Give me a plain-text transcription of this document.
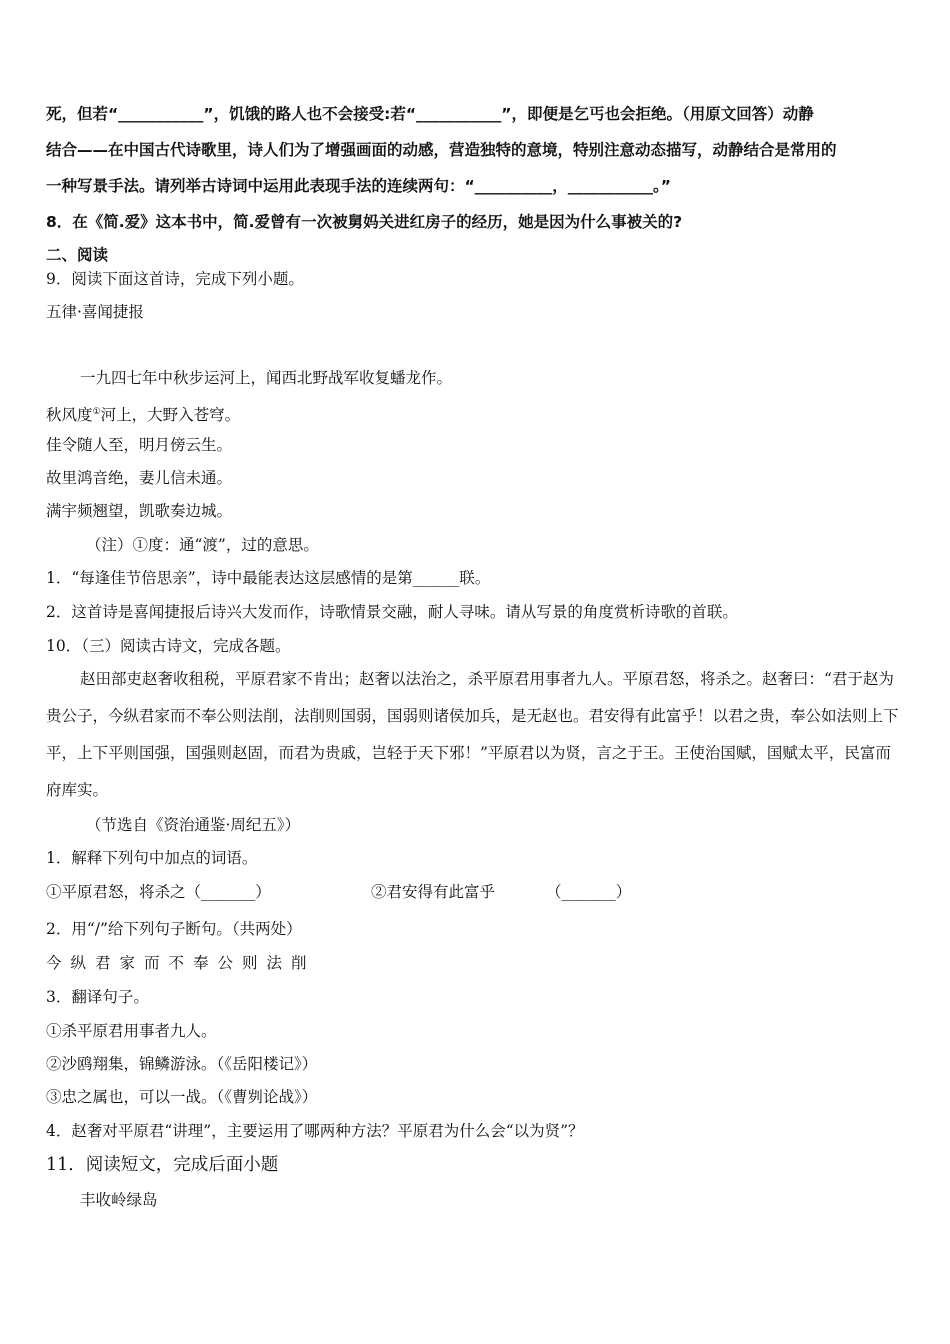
死，但若“___________”，饥饿的路人也不会接受:若“___________”，即便是乞丐也会拒绝。（用原文回答）动静
结合——在中国古代诗歌里，诗人们为了增强画面的动感，营造独特的意境，特别注意动态描写，动静结合是常用的
一种写景手法。请列举古诗词中运用此表现手法的连续两句：“__________，___________。”
8．在《简.爱》这本书中，简.爱曾有一次被舅妈关进红房子的经历，她是因为什么事被关的?
二、阅读
9．阅读下面这首诗，完成下列小题。
五律·喜闻捷报
一九四七年中秋步运河上，闻西北野战军收复蟠龙作。
秋风度①河上，大野入苍穹。
佳令随人至，明月傍云生。
故里鸿音绝，妻儿信未通。
满宇频翘望，凯歌奏边城。
（注）①度：通“渡”，过的意思。
1．“每逢佳节倍思亲”，诗中最能表达这层感情的是第______联。
2．这首诗是喜闻捷报后诗兴大发而作，诗歌情景交融，耐人寻味。请从写景的角度赏析诗歌的首联。
10．（三）阅读古诗文，完成各题。
赵田部吏赵奢收租税，平原君家不肯出；赵奢以法治之，杀平原君用事者九人。平原君怒，将杀之。赵奢曰：“君于赵为贵公子，今纵君家而不奉公则法削，法削则国弱，国弱则诸侯加兵，是无赵也。君安得有此富乎！以君之贵，奉公如法则上下平，上下平则国强，国强则赵固，而君为贵戚，岂轻于天下邪！”平原君以为贤，言之于王。王使治国赋，国赋太平，民富而府库实。
（节选自《资治通鉴·周纪五》）
1．解释下列句中加点的词语。
①平原君怒，将杀之（_______）	②君安得有此富乎	（_______）
2．用“/”给下列句子断句。（共两处）
今纵君家而不奉公则法削
3．翻译句子。
①杀平原君用事者九人。
②沙鸥翔集，锦鳞游泳。（《岳阳楼记》）
③忠之属也，可以一战。（《曹刿论战》）
4．赵奢对平原君“讲理”，主要运用了哪两种方法？平原君为什么会“以为贤”？
11．阅读短文，完成后面小题
丰收岭绿岛
